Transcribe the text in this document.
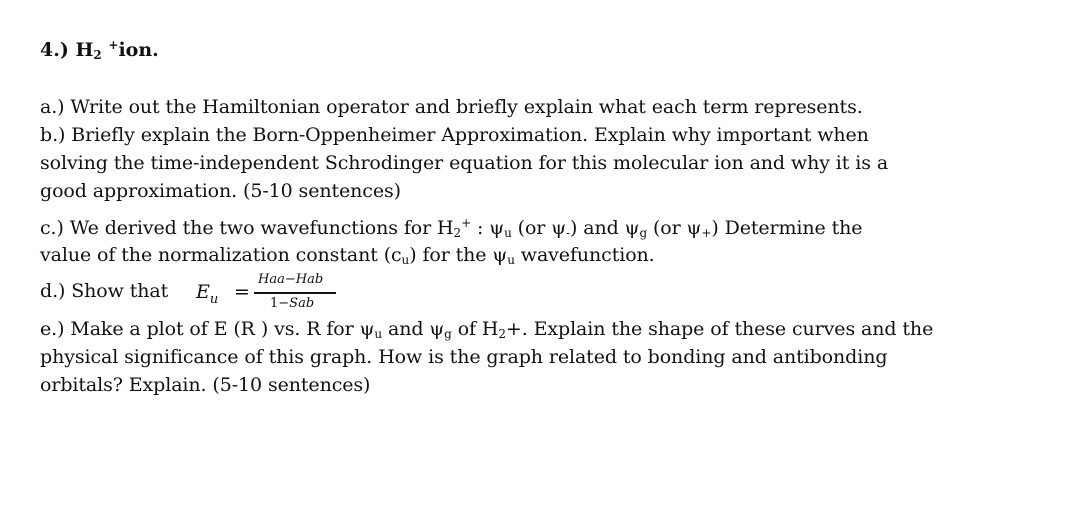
4.) $H_2$ +ion.
a.) Write out the Hamiltonian operator and briefly explain what each term represents.
b.) Briefly explain the Born-Oppenheimer Approximation. Explain why important when
solving the time-independent Schrodinger equation for this molecular ion and why it is a
good approximation. (5-10 sentences)
c.) We derived the two wavefunctions for $H_2^+$ : $\psi_u$ (or $\psi_-$) and $\psi_g$ (or $\psi_+$) Determine the
value of the normalization constant $(c_u)$ for the $\psi_u$ wavefunction.
d.) Show that $E_u$ =
Haa−Hab
1−Sab
e.) Make a plot of E (R ) vs. R for $\psi_u$ and $\psi_g$ of $H_2+$. Explain the shape of these curves and the
physical significance of this graph. How is the graph related to bonding and antibonding
orbitals? Explain. (5-10 sentences)
